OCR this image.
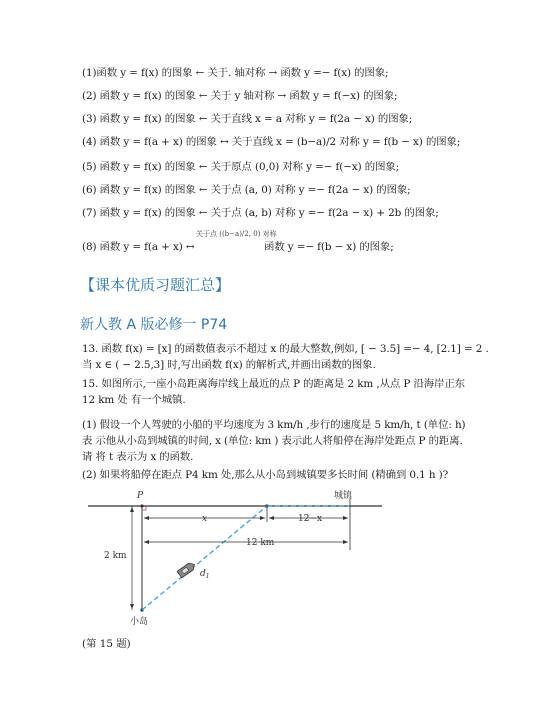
(1)函数 y = f(x) 的图象 ← 关于. 轴对称 → 函数 y =− f(x) 的图象;
(2) 函数 y = f(x) 的图象 ← 关于 y 轴对称 → 函数 y = f(−x) 的图象;
(3) 函数 y = f(x) 的图象 ← 关于直线 x = a 对称 y = f(2a − x) 的图象;
(4) 函数 y = f(a + x) 的图象 ↔ 关于直线 x = (b−a)/2 对称 y = f(b − x) 的图象;
(5) 函数 y = f(x) 的图象 ← 关于原点 (0,0) 对称 y =− f(−x) 的图象;
(6) 函数 y = f(x) 的图象 ← 关于点 (a, 0) 对称 y =− f(2a − x) 的图象;
(7) 函数 y = f(x) 的图象 ← 关于点 (a, b) 对称 y =− f(2a − x) + 2b 的图象;
关于点 ((b−a)/2, 0) 对称
(8) 函数 y = f(a + x) ↔	函数 y =− f(b − x) 的图象;
【课本优质习题汇总】
新人教 A 版必修一 P74
13. 函数 f(x) = [x] 的函数值表示不超过 x 的最大整数,例如, [ − 3.5] =− 4, [2.1] = 2 .
当 x ∈ ( − 2.5,3] 时,写出函数 f(x) 的解析式,并画出函数的图象.
15. 如图所示,一座小岛距离海岸线上最近的点 P 的距离是 2 km ,从点 P 沿海岸正东
12 km 处 有一个城镇.
(1) 假设一个人驾驶的小船的平均速度为 3 km/h ,步行的速度是 5 km/h, t (单位: h)
表 示他从小岛到城镇的时间, x (单位: km ) 表示此人将船停在海岸处距点 P 的距离.
请 将 t 表示为 x 的函数.
(2) 如果将船停在距点 P4 km 处,那么从小岛到城镇要多长时间 (精确到 0.1 h )?
P	城镇
x	12−x
12 km
2 km
$d_1$
小岛
(第 15 题)
